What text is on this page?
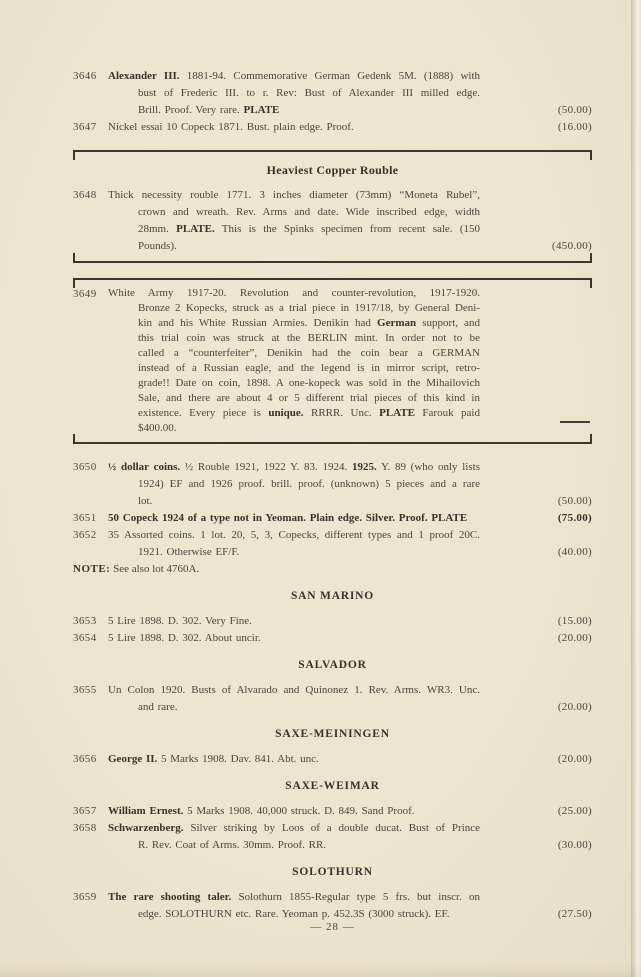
3646 Alexander III. 1881-94. Commemorative German Gedenk 5M. (1888) with
bust of Frederic III. to r. Rev: Bust of Alexander III milled edge.
Brill. Proof. Very rare. PLATE	(50.00)
3647 Nickel essai 10 Copeck 1871. Bust. plain edge. Proof.	(16.00)
Heaviest Copper Rouble
3648 Thick necessity rouble 1771. 3 inches diameter (73mm) “Moneta Rubel”,
crown and wreath. Rev. Arms and date. Wide inscribed edge, width
28mm. PLATE. This is the Spinks specimen from recent sale. (150
Pounds).	(450.00)
3649 White Army 1917-20. Revolution and counter-revolution, 1917-1920.
Bronze 2 Kopecks, struck as a trial piece in 1917/18, by General Deni-
kin and his White Russian Armies. Denikin had German support, and
this trial coin was struck at the BERLIN mint. In order not to be
called a “counterfeiter”, Denikin had the coin bear a GERMAN
instead of a Russian eagle, and the legend is in mirror script, retro-
grade!! Date on coin, 1898. A one-kopeck was sold in the Mihailovich
Sale, and there are about 4 or 5 different trial pieces of this kind in
existence. Every piece is unique. RRRR. Unc. PLATE Farouk paid
$400.00.
3650 ½ dollar coins. ½ Rouble 1921, 1922 Y. 83. 1924. 1925. Y. 89 (who only lists
1924) EF and 1926 proof. brill. proof. (unknown) 5 pieces and a rare
lot.	(50.00)
3651 50 Copeck 1924 of a type not in Yeoman. Plain edge. Silver. Proof. PLATE	(75.00)
3652 35 Assorted coins. 1 lot. 20, 5, 3, Copecks, different types and 1 proof 20C.
1921. Otherwise EF/F.	(40.00)
NOTE: See also lot 4760A.
SAN MARINO
3653 5 Lire 1898. D. 302. Very Fine.	(15.00)
3654 5 Lire 1898. D. 302. About uncir.	(20.00)
SALVADOR
3655 Un Colon 1920. Busts of Alvarado and Quinonez 1. Rev. Arms. WR3. Unc.
and rare.	(20.00)
SAXE-MEININGEN
3656 George II. 5 Marks 1908. Dav. 841. Abt. unc.	(20.00)
SAXE-WEIMAR
3657 William Ernest. 5 Marks 1908. 40,000 struck. D. 849. Sand Proof.	(25.00)
3658 Schwarzenberg. Silver striking by Loos of a double ducat. Bust of Prince
R. Rev. Coat of Arms. 30mm. Proof. RR.	(30.00)
SOLOTHURN
3659 The rare shooting taler. Solothurn 1855-Regular type 5 frs. but inscr. on
edge. SOLOTHURN etc. Rare. Yeoman p. 452.3S (3000 struck). EF.	(27.50)
— 28 —
